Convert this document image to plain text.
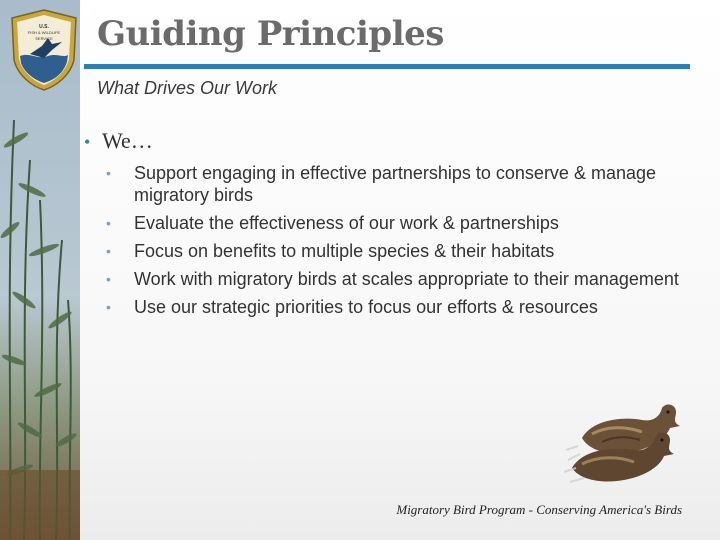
U.S.
FISH & WILDLIFE
SERVICE Guiding Principles
What Drives Our Work
• We…
•	Support engaging in effective partnerships to conserve & manage migratory birds
•	Evaluate the effectiveness of our work & partnerships
•	Focus on benefits to multiple species & their habitats
•	Work with migratory birds at scales appropriate to their management
•	Use our strategic priorities to focus our efforts & resources
Migratory Bird Program - Conserving America's Birds
